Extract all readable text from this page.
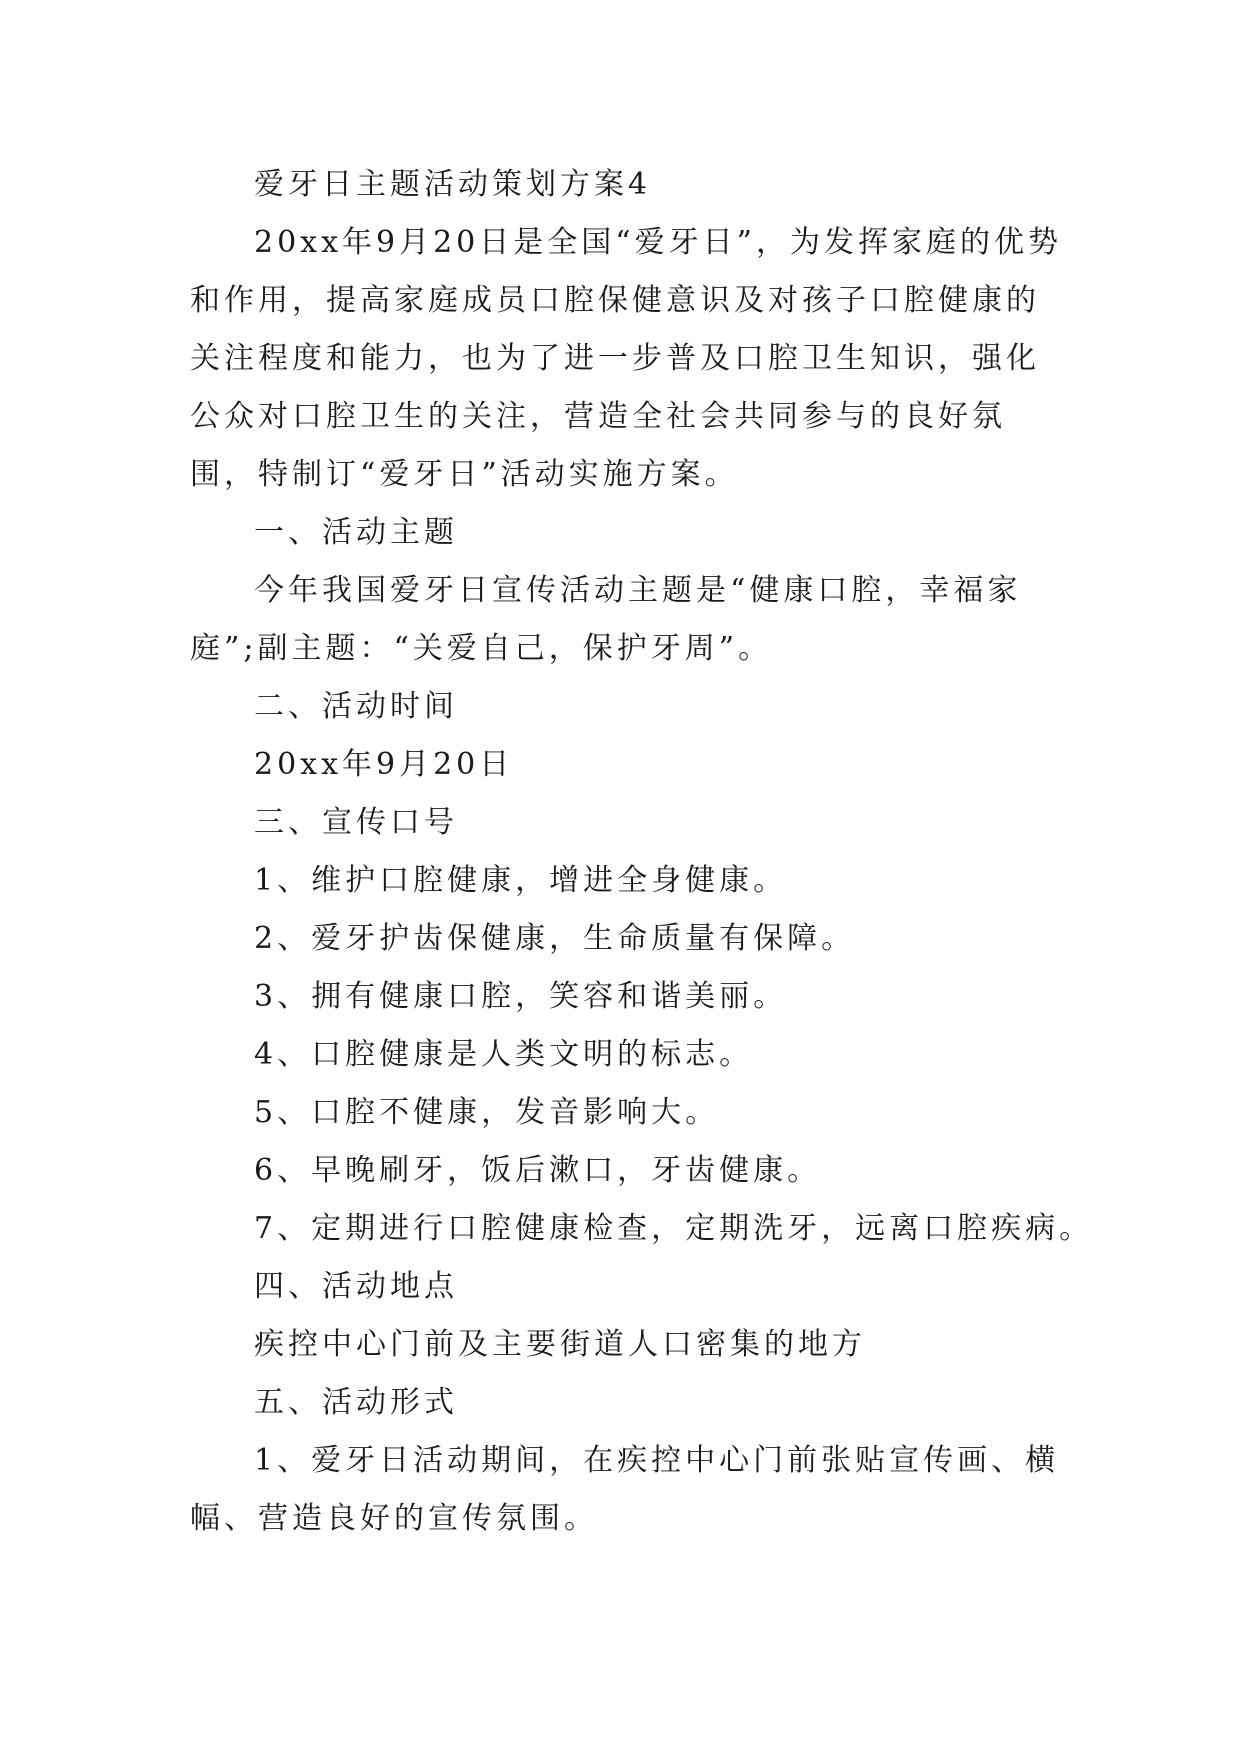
爱牙日主题活动策划方案4

20xx年9月20日是全国“爱牙日”，为发挥家庭的优势和作用，提高家庭成员口腔保健意识及对孩子口腔健康的关注程度和能力，也为了进一步普及口腔卫生知识，强化公众对口腔卫生的关注，营造全社会共同参与的良好氛围，特制订“爱牙日”活动实施方案。

一、活动主题

今年我国爱牙日宣传活动主题是“健康口腔，幸福家庭”;副主题：“关爱自己，保护牙周”。

二、活动时间

20xx年9月20日

三、宣传口号

1、维护口腔健康，增进全身健康。

2、爱牙护齿保健康，生命质量有保障。

3、拥有健康口腔，笑容和谐美丽。

4、口腔健康是人类文明的标志。

5、口腔不健康，发音影响大。

6、早晚刷牙，饭后漱口，牙齿健康。

7、定期进行口腔健康检查，定期洗牙，远离口腔疾病。

四、活动地点

疾控中心门前及主要街道人口密集的地方

五、活动形式

1、爱牙日活动期间，在疾控中心门前张贴宣传画、横幅、营造良好的宣传氛围。
